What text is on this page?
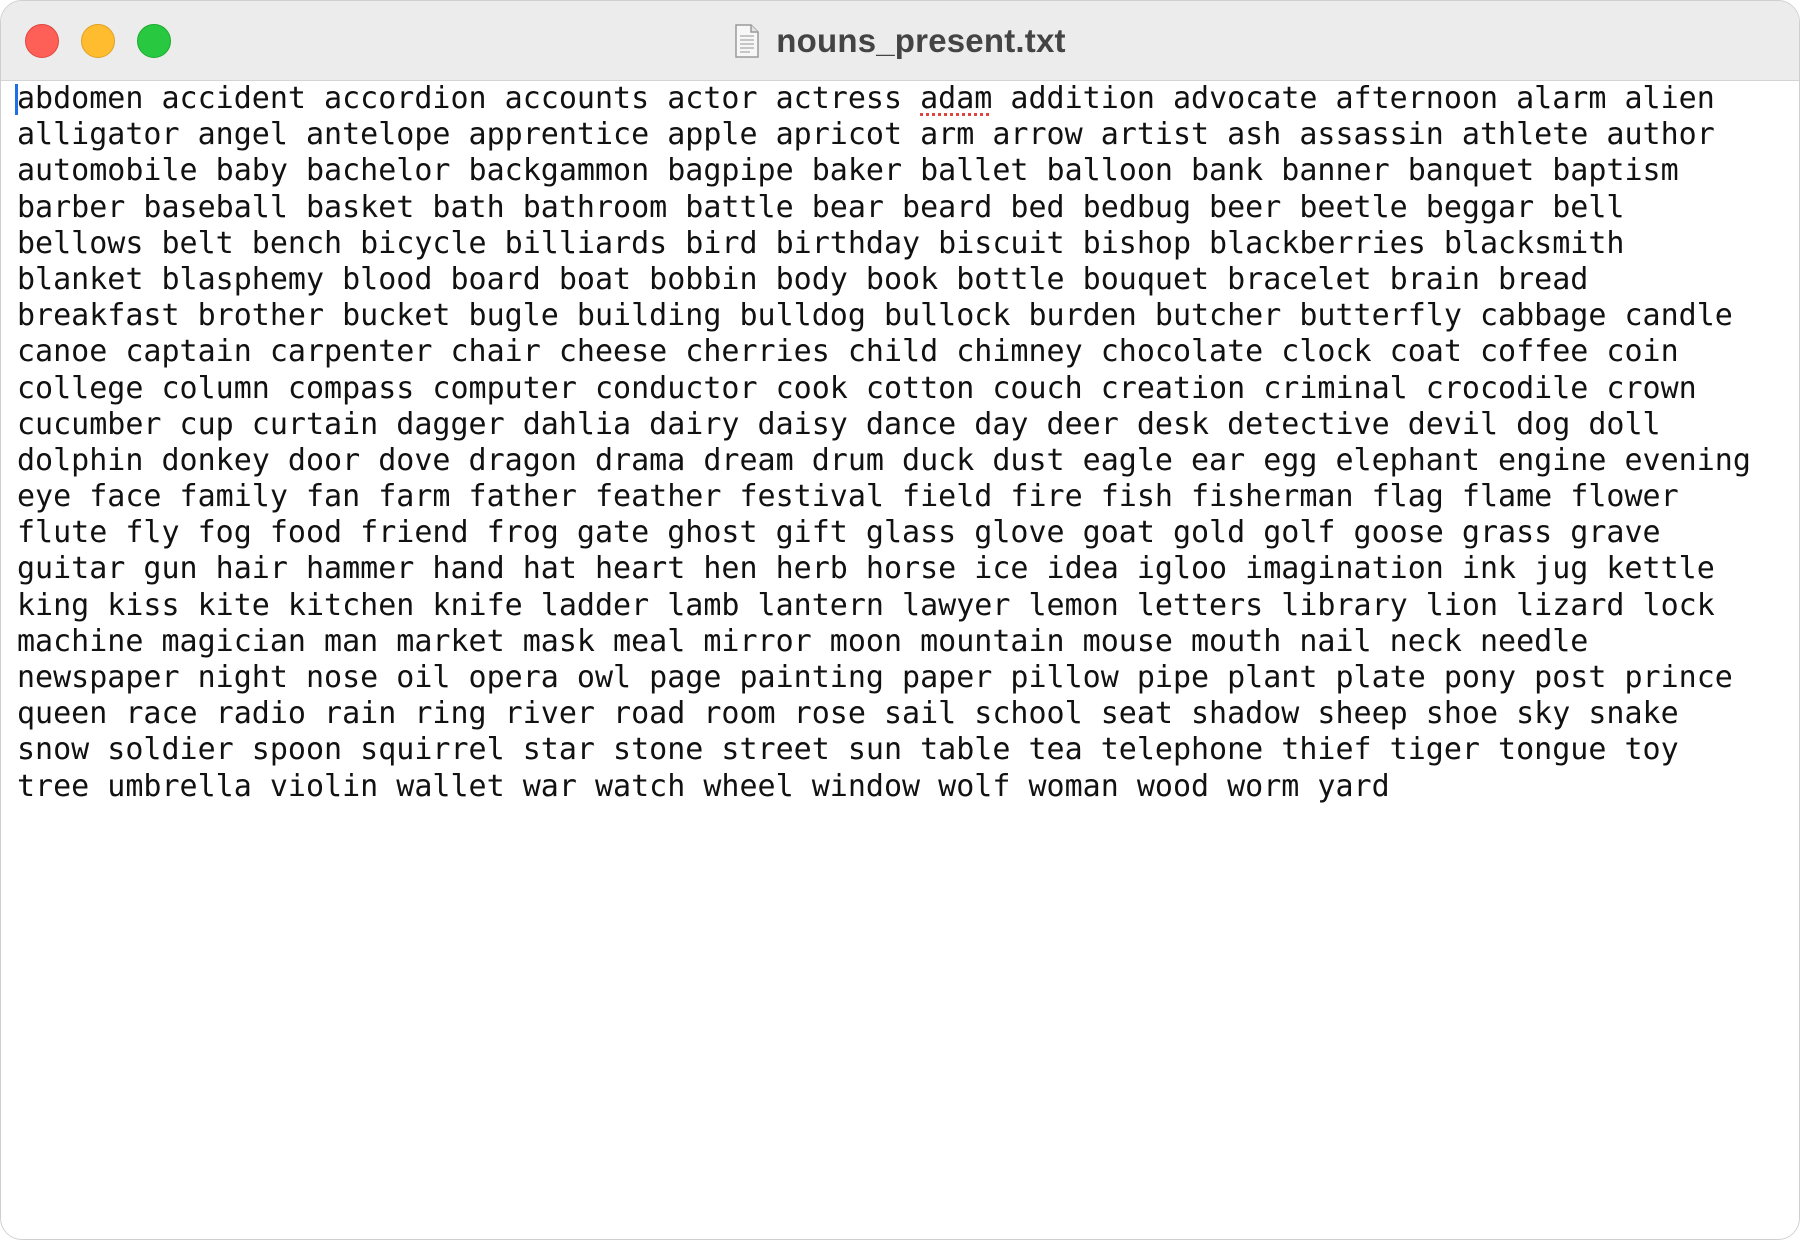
nouns_present.txt
abdomen accident accordion accounts actor actress adam addition advocate afternoon alarm alien
alligator angel antelope apprentice apple apricot arm arrow artist ash assassin athlete author
automobile baby bachelor backgammon bagpipe baker ballet balloon bank banner banquet baptism
barber baseball basket bath bathroom battle bear beard bed bedbug beer beetle beggar bell
bellows belt bench bicycle billiards bird birthday biscuit bishop blackberries blacksmith
blanket blasphemy blood board boat bobbin body book bottle bouquet bracelet brain bread
breakfast brother bucket bugle building bulldog bullock burden butcher butterfly cabbage candle
canoe captain carpenter chair cheese cherries child chimney chocolate clock coat coffee coin
college column compass computer conductor cook cotton couch creation criminal crocodile crown
cucumber cup curtain dagger dahlia dairy daisy dance day deer desk detective devil dog doll
dolphin donkey door dove dragon drama dream drum duck dust eagle ear egg elephant engine evening
eye face family fan farm father feather festival field fire fish fisherman flag flame flower
flute fly fog food friend frog gate ghost gift glass glove goat gold golf goose grass grave
guitar gun hair hammer hand hat heart hen herb horse ice idea igloo imagination ink jug kettle
king kiss kite kitchen knife ladder lamb lantern lawyer lemon letters library lion lizard lock
machine magician man market mask meal mirror moon mountain mouse mouth nail neck needle
newspaper night nose oil opera owl page painting paper pillow pipe plant plate pony post prince
queen race radio rain ring river road room rose sail school seat shadow sheep shoe sky snake
snow soldier spoon squirrel star stone street sun table tea telephone thief tiger tongue toy
tree umbrella violin wallet war watch wheel window wolf woman wood worm yard
